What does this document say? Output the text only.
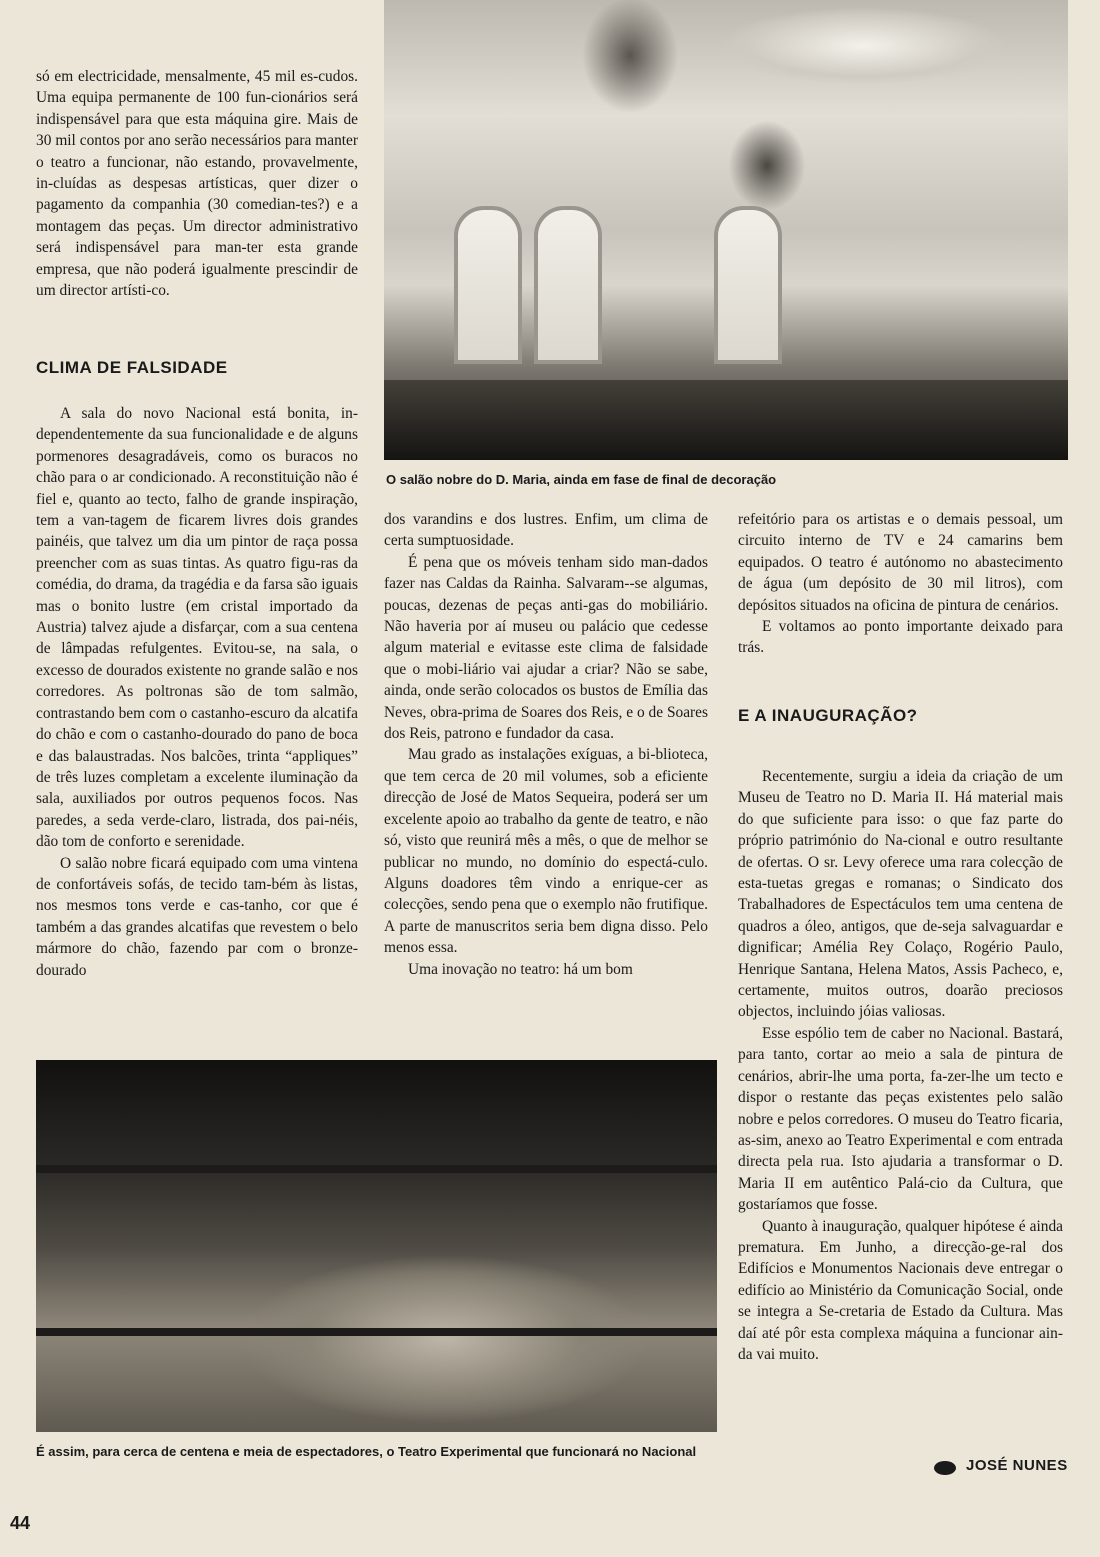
só em electricidade, mensalmente, 45 mil es-cudos. Uma equipa permanente de 100 fun-cionários será indispensável para que esta máquina gire. Mais de 30 mil contos por ano serão necessários para manter o teatro a funcionar, não estando, provavelmente, in-cluídas as despesas artísticas, quer dizer o pagamento da companhia (30 comedian-tes?) e a montagem das peças. Um director administrativo será indispensável para man-ter esta grande empresa, que não poderá igualmente prescindir de um director artísti-co.

CLIMA DE FALSIDADE

A sala do novo Nacional está bonita, in-dependentemente da sua funcionalidade e de alguns pormenores desagradáveis, como os buracos no chão para o ar condicionado. A reconstituição não é fiel e, quanto ao tecto, falho de grande inspiração, tem a van-tagem de ficarem livres dois grandes painéis, que talvez um dia um pintor de raça possa preencher com as suas tintas. As quatro figu-ras da comédia, do drama, da tragédia e da farsa são iguais mas o bonito lustre (em cristal importado da Austria) talvez ajude a disfarçar, com a sua centena de lâmpadas refulgentes. Evitou-se, na sala, o excesso de dourados existente no grande salão e nos corredores. As poltronas são de tom salmão, contrastando bem com o castanho-escuro da alcatifa do chão e com o castanho-dourado do pano de boca e das balaustradas. Nos balcões, trinta “appliques” de três luzes completam a excelente iluminação da sala, auxiliados por outros pequenos focos. Nas paredes, a seda verde-claro, listrada, dos pai-néis, dão tom de conforto e serenidade.

O salão nobre ficará equipado com uma vintena de confortáveis sofás, de tecido tam-bém às listas, nos mesmos tons verde e cas-tanho, cor que é também a das grandes alcatifas que revestem o belo mármore do chão, fazendo par com o bronze-dourado

O salão nobre do D. Maria, ainda em fase de final de decoração

dos varandins e dos lustres. Enfim, um clima de certa sumptuosidade.

É pena que os móveis tenham sido man-dados fazer nas Caldas da Rainha. Salvaram--se algumas, poucas, dezenas de peças anti-gas do mobiliário. Não haveria por aí museu ou palácio que cedesse algum material e evitasse este clima de falsidade que o mobi-liário vai ajudar a criar? Não se sabe, ainda, onde serão colocados os bustos de Emília das Neves, obra-prima de Soares dos Reis, e o de Soares dos Reis, patrono e fundador da casa.

Mau grado as instalações exíguas, a bi-blioteca, que tem cerca de 20 mil volumes, sob a eficiente direcção de José de Matos Sequeira, poderá ser um excelente apoio ao trabalho da gente de teatro, e não só, visto que reunirá mês a mês, o que de melhor se publicar no mundo, no domínio do espectá-culo. Alguns doadores têm vindo a enrique-cer as colecções, sendo pena que o exemplo não frutifique. A parte de manuscritos seria bem digna disso. Pelo menos essa.

Uma inovação no teatro: há um bom

refeitório para os artistas e o demais pessoal, um circuito interno de TV e 24 camarins bem equipados. O teatro é autónomo no abastecimento de água (um depósito de 30 mil litros), com depósitos situados na oficina de pintura de cenários.

E voltamos ao ponto importante deixado para trás.

E A INAUGURAÇÃO?

Recentemente, surgiu a ideia da criação de um Museu de Teatro no D. Maria II. Há material mais do que suficiente para isso: o que faz parte do próprio património do Na-cional e outro resultante de ofertas. O sr. Levy oferece uma rara colecção de esta-tuetas gregas e romanas; o Sindicato dos Trabalhadores de Espectáculos tem uma centena de quadros a óleo, antigos, que de-seja salvaguardar e dignificar; Amélia Rey Colaço, Rogério Paulo, Henrique Santana, Helena Matos, Assis Pacheco, e, certamente, muitos outros, doarão preciosos objectos, incluindo jóias valiosas.

Esse espólio tem de caber no Nacional. Bastará, para tanto, cortar ao meio a sala de pintura de cenários, abrir-lhe uma porta, fa-zer-lhe um tecto e dispor o restante das peças existentes pelo salão nobre e pelos corredores. O museu do Teatro ficaria, as-sim, anexo ao Teatro Experimental e com entrada directa pela rua. Isto ajudaria a transformar o D. Maria II em autêntico Palá-cio da Cultura, que gostaríamos que fosse.

Quanto à inauguração, qualquer hipótese é ainda prematura. Em Junho, a direcção-ge-ral dos Edifícios e Monumentos Nacionais deve entregar o edifício ao Ministério da Comunicação Social, onde se integra a Se-cretaria de Estado da Cultura. Mas daí até pôr esta complexa máquina a funcionar ain-da vai muito.

É assim, para cerca de centena e meia de espectadores, o Teatro Experimental que funcionará no Nacional
JOSÉ NUNES
44
